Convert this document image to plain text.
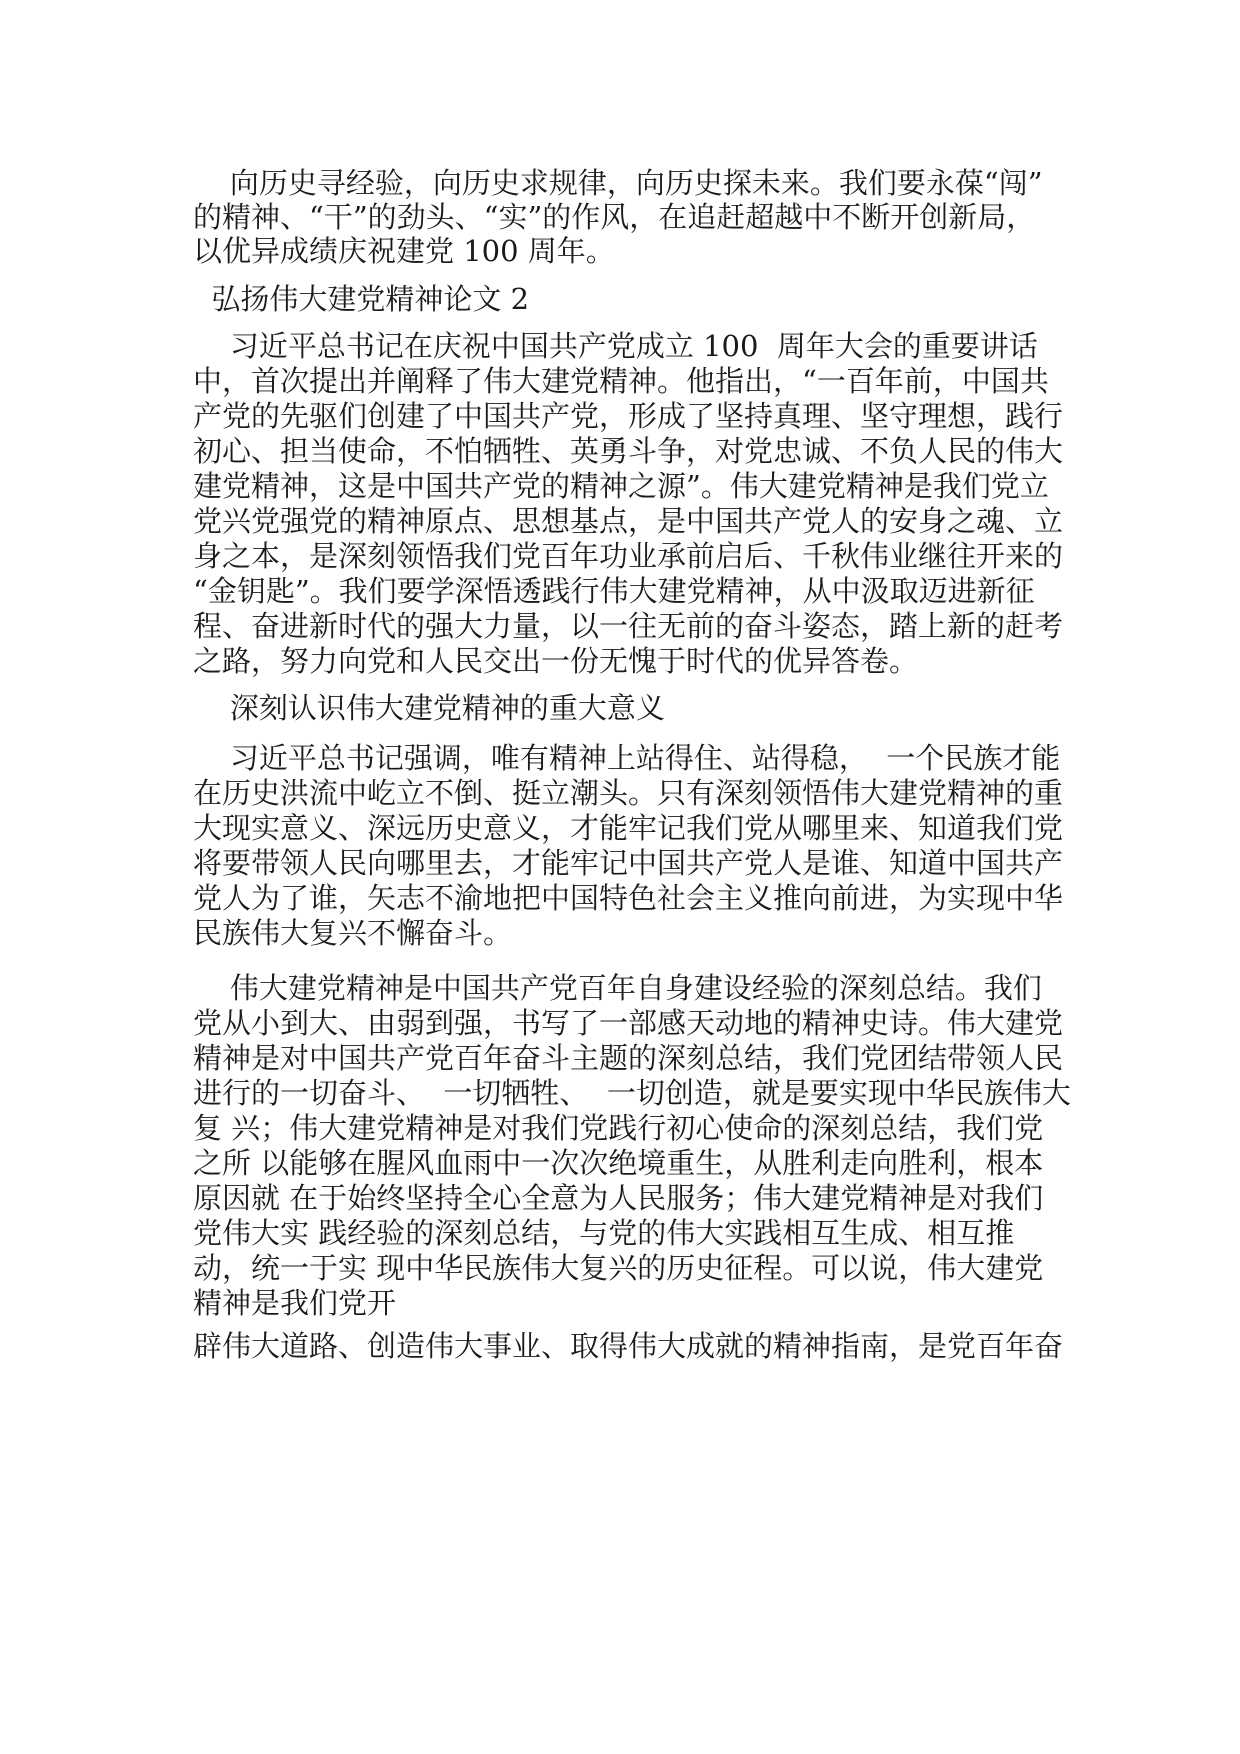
向历史寻经验，向历史求规律，向历史探未来。我们要永葆“闯”

的精神、“干”的劲头、“实”的作风，在追赶超越中不断开创新局，

以优异成绩庆祝建党 100 周年。

弘扬伟大建党精神论文 2

习近平总书记在庆祝中国共产党成立 100  周年大会的重要讲话

中，首次提出并阐释了伟大建党精神。他指出，“一百年前，中国共

产党的先驱们创建了中国共产党，形成了坚持真理、坚守理想，践行

初心、担当使命，不怕牺牲、英勇斗争，对党忠诚、不负人民的伟大

建党精神，这是中国共产党的精神之源”。伟大建党精神是我们党立

党兴党强党的精神原点、思想基点，是中国共产党人的安身之魂、立

身之本，是深刻领悟我们党百年功业承前启后、千秋伟业继往开来的

“金钥匙”。我们要学深悟透践行伟大建党精神，从中汲取迈进新征

程、奋进新时代的强大力量，以一往无前的奋斗姿态，踏上新的赶考

之路，努力向党和人民交出一份无愧于时代的优异答卷。

深刻认识伟大建党精神的重大意义

习近平总书记强调，唯有精神上站得住、站得稳，  一个民族才能

在历史洪流中屹立不倒、挺立潮头。只有深刻领悟伟大建党精神的重

大现实意义、深远历史意义，才能牢记我们党从哪里来、知道我们党

将要带领人民向哪里去，才能牢记中国共产党人是谁、知道中国共产

党人为了谁，矢志不渝地把中国特色社会主义推向前进，为实现中华

民族伟大复兴不懈奋斗。

伟大建党精神是中国共产党百年自身建设经验的深刻总结。我们

党从小到大、由弱到强，书写了一部感天动地的精神史诗。伟大建党

精神是对中国共产党百年奋斗主题的深刻总结，我们党团结带领人民

进行的一切奋斗、  一切牺牲、  一切创造，就是要实现中华民族伟大

复 兴；伟大建党精神是对我们党践行初心使命的深刻总结，我们党

之所 以能够在腥风血雨中一次次绝境重生，从胜利走向胜利，根本

原因就 在于始终坚持全心全意为人民服务；伟大建党精神是对我们

党伟大实 践经验的深刻总结，与党的伟大实践相互生成、相互推

动，统一于实 现中华民族伟大复兴的历史征程。可以说，伟大建党

精神是我们党开

辟伟大道路、创造伟大事业、取得伟大成就的精神指南，是党百年奋
